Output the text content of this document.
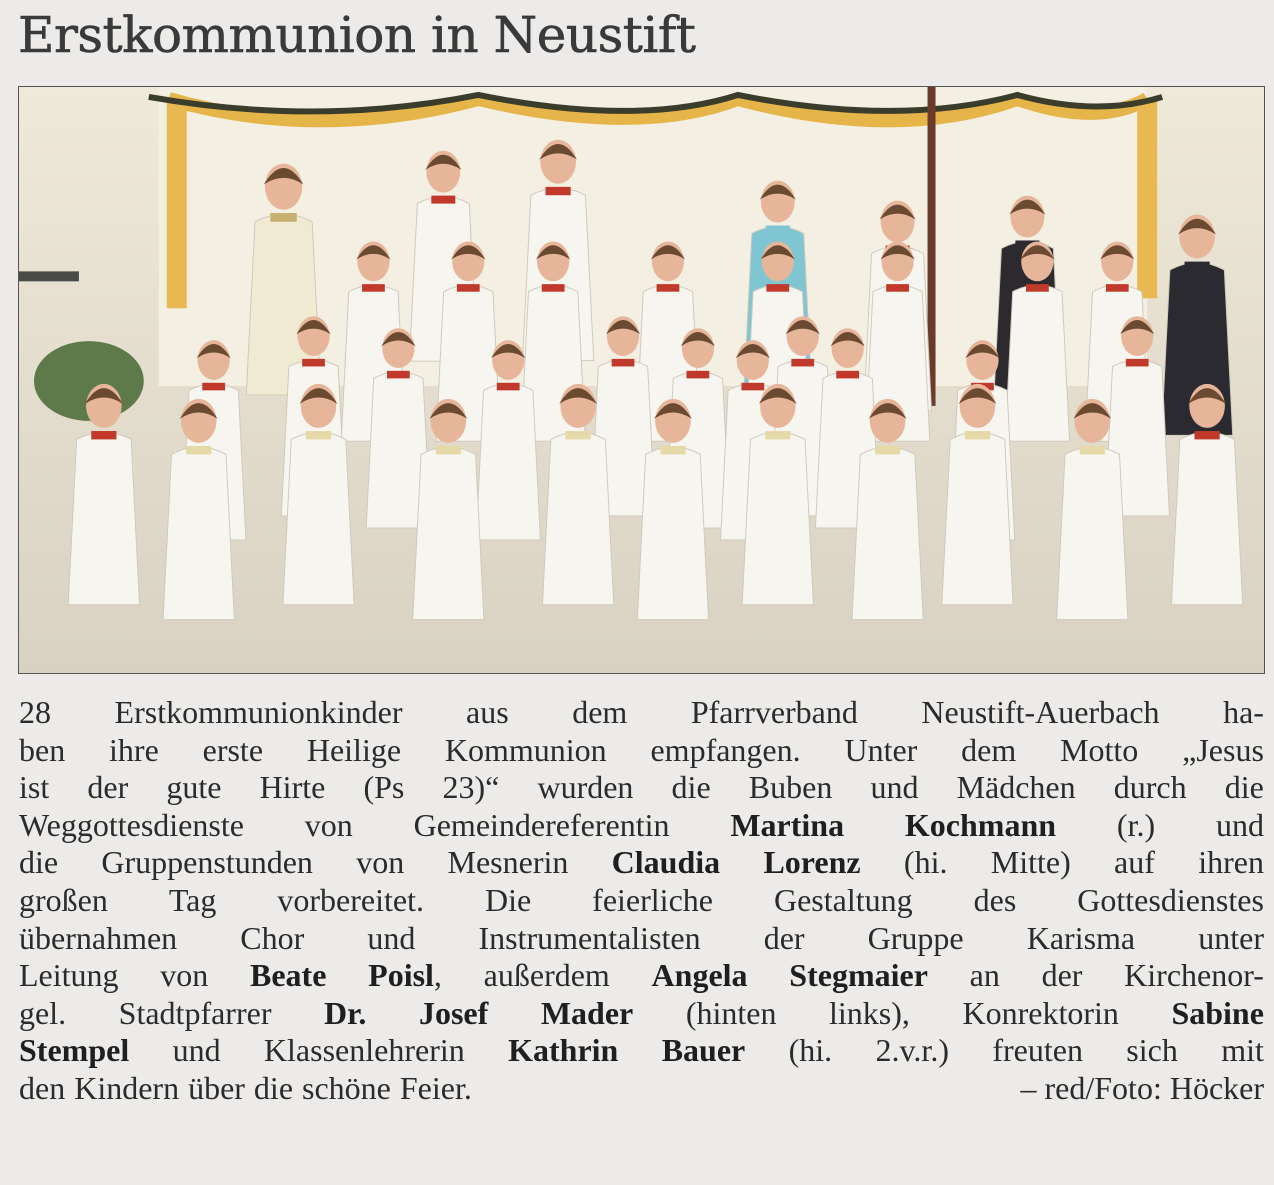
Erstkommunion in Neustift
28 Erstkommunionkinder aus dem Pfarrverband Neustift-Auerbach ha-
ben ihre erste Heilige Kommunion empfangen. Unter dem Motto „Jesus
ist der gute Hirte (Ps 23)“ wurden die Buben und Mädchen durch die
Weggottesdienste von Gemeindereferentin Martina Kochmann (r.) und
die Gruppenstunden von Mesnerin Claudia Lorenz (hi. Mitte) auf ihren
großen Tag vorbereitet. Die feierliche Gestaltung des Gottesdienstes
übernahmen Chor und Instrumentalisten der Gruppe Karisma unter
Leitung von Beate Poisl, außerdem Angela Stegmaier an der Kirchenor-
gel. Stadtpfarrer Dr. Josef Mader (hinten links), Konrektorin Sabine
Stempel und Klassenlehrerin Kathrin Bauer (hi. 2.v.r.) freuten sich mit
den Kindern über die schöne Feier.	– red/Foto: Höcker
